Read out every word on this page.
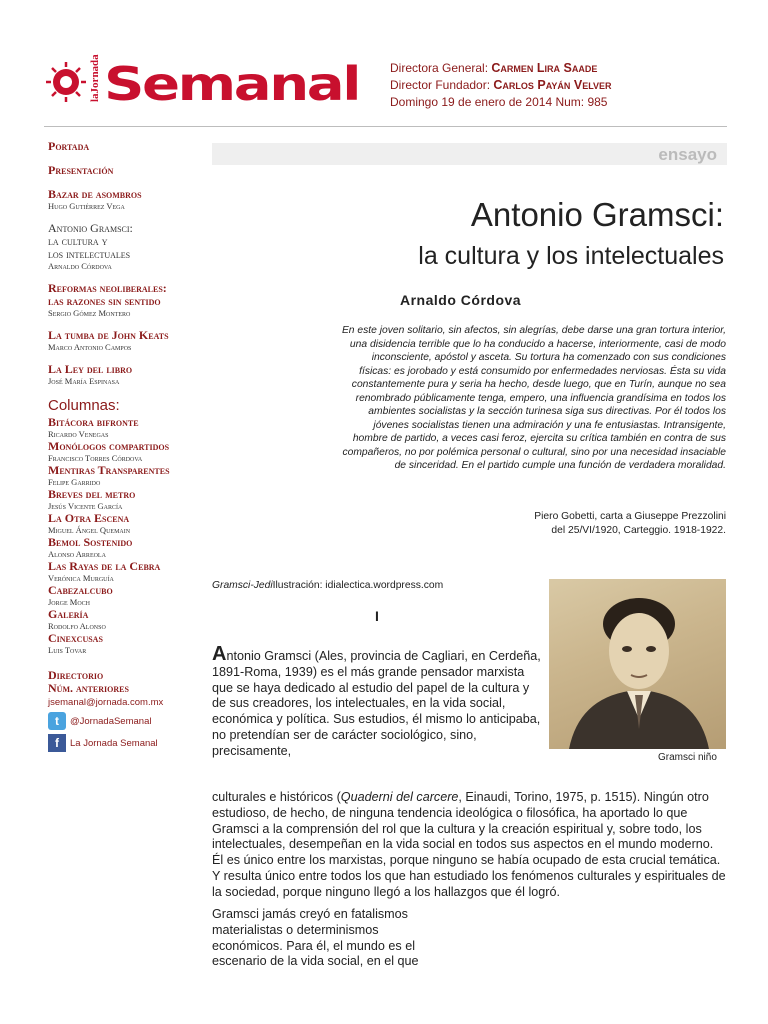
laJornada Semanal	Directora General: Carmen Lira Saade
Director Fundador: Carlos Payán Velver
Domingo 19 de enero de 2014 Num: 985
Portada
Presentación
Bazar de asombros
Hugo Gutiérrez Vega
Antonio Gramsci:
la cultura y
los intelectuales
Arnaldo Córdova
Reformas neoliberales:
las razones sin sentido
Sergio Gómez Montero
La tumba de John Keats
Marco Antonio Campos
La Ley del libro
José María Espinasa
Columnas:
Bitácora bifronte
Ricardo Venegas
Monólogos compartidos
Francisco Torres Córdova
Mentiras Transparentes
Felipe Garrido
Breves del metro
Jesús Vicente García
La Otra Escena
Miguel Ángel Quemain
Bemol Sostenido
Alonso Arreola
Las Rayas de la Cebra
Verónica Murguía
Cabezalcubo
Jorge Moch
Galería
Rodolfo Alonso
Cinexcusas
Luis Tovar
Directorio
Núm. anteriores
jsemanal@jornada.com.mx
t	@JornadaSemanal
f	La Jornada Semanal
ensayo
Antonio Gramsci:
la cultura y los intelectuales
Arnaldo Córdova
En este joven solitario, sin afectos, sin alegrías, debe darse una gran tortura interior, una disidencia terrible que lo ha conducido a hacerse, interiormente, casi de modo inconsciente, apóstol y asceta. Su tortura ha comenzado con sus condiciones físicas: es jorobado y está consumido por enfermedades nerviosas. Ésta su vida constantemente pura y seria ha hecho, desde luego, que en Turín, aunque no sea renombrado públicamente tenga, empero, una influencia grandísima en todos los ambientes socialistas y la sección turinesa siga sus directivas. Por él todos los jóvenes socialistas tienen una admiración y una fe entusiastas. Intransigente, hombre de partido, a veces casi feroz, ejercita su crítica también en contra de sus compañeros, no por polémica personal o cultural, sino por una necesidad insaciable de sinceridad. En el partido cumple una función de verdadera moralidad.
Piero Gobetti, carta a Giuseppe Prezzolini
del 25/VI/1920, Carteggio. 1918-1922.
Gramsci-JediIlustración: idialectica.wordpress.com
I
Gramsci niño
Antonio Gramsci (Ales, provincia de Cagliari, en Cerdeña, 1891-Roma, 1939) es el más grande pensador marxista que se haya dedicado al estudio del papel de la cultura y de sus creadores, los intelectuales, en la vida social, económica y política. Sus estudios, él mismo lo anticipaba, no pretendían ser de carácter sociológico, sino, precisamente,
culturales e históricos (Quaderni del carcere, Einaudi, Torino, 1975, p. 1515). Ningún otro estudioso, de hecho, de ninguna tendencia ideológica o filosófica, ha aportado lo que Gramsci a la comprensión del rol que la cultura y la creación espiritual y, sobre todo, los intelectuales, desempeñan en la vida social en todos sus aspectos en el mundo moderno. Él es único entre los marxistas, porque ninguno se había ocupado de esta crucial temática. Y resulta único entre todos los que han estudiado los fenómenos culturales y espirituales de la sociedad, porque ninguno llegó a los hallazgos que él logró.
Gramsci jamás creyó en fatalismos materialistas o determinismos económicos. Para él, el mundo es el escenario de la vida social, en el que
